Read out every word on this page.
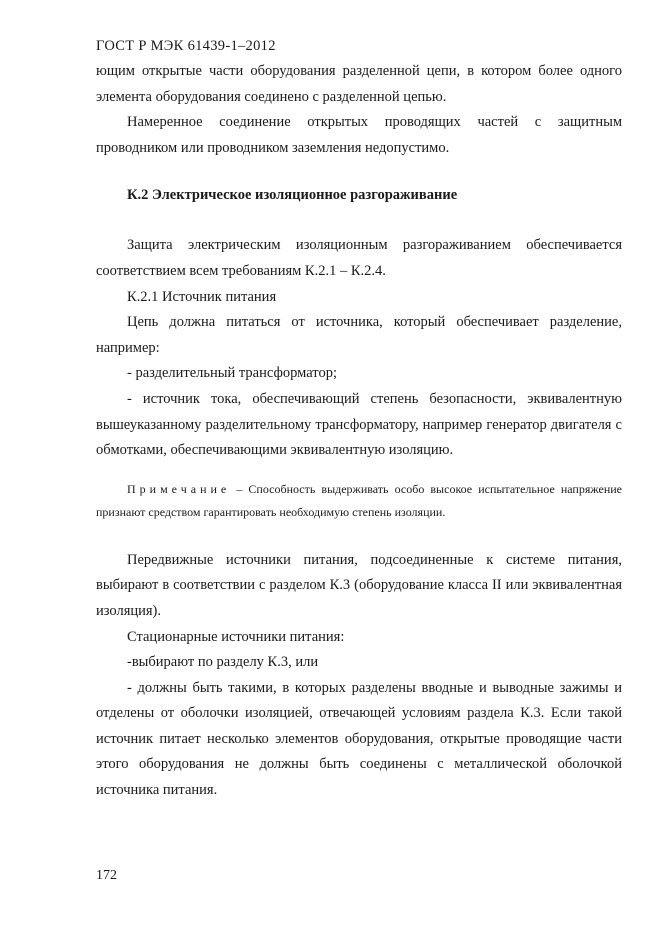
ГОСТ Р МЭК 61439-1–2012

ющим открытые части оборудования разделенной цепи, в котором более одного элемента оборудования соединено с разделенной цепью.

Намеренное соединение открытых проводящих частей с защитным проводником или проводником заземления недопустимо.

К.2 Электрическое изоляционное разгораживание

Защита электрическим изоляционным разгораживанием обеспечивается соответствием всем требованиям К.2.1 – К.2.4.

К.2.1 Источник питания

Цепь должна питаться от источника, который обеспечивает разделение, например:

- разделительный трансформатор;

- источник тока, обеспечивающий степень безопасности, эквивалентную вышеуказанному разделительному трансформатору, например генератор двигателя с обмотками, обеспечивающими эквивалентную изоляцию.

Примечание – Способность выдерживать особо высокое испытательное напряжение признают средством гарантировать необходимую степень изоляции.

Передвижные источники питания, подсоединенные к системе питания, выбирают в соответствии с разделом К.3 (оборудование класса II или эквивалентная изоляция).

Стационарные источники питания:

-выбирают по разделу К.3, или

- должны быть такими, в которых разделены вводные и выводные зажимы и отделены от оболочки изоляцией, отвечающей условиям раздела К.3. Если такой источник питает несколько элементов оборудования, открытые проводящие части этого оборудования не должны быть соединены с металлической оболочкой источника питания.

172
